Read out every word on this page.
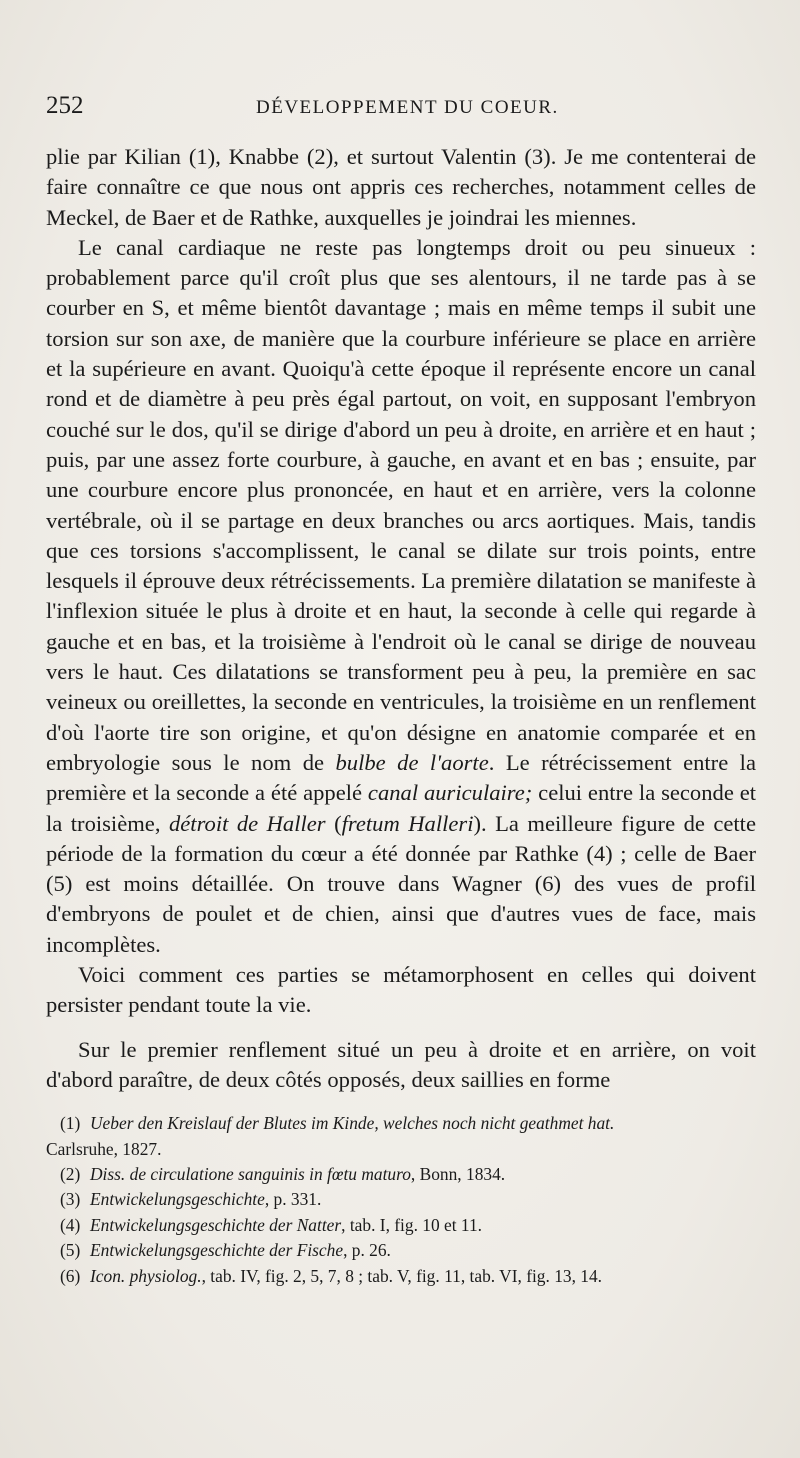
252	DÉVELOPPEMENT DU COEUR.

plie par Kilian (1), Knabbe (2), et surtout Valentin (3). Je me contenterai de faire connaître ce que nous ont appris ces recherches, notamment celles de Meckel, de Baer et de Rathke, auxquelles je joindrai les miennes.

Le canal cardiaque ne reste pas longtemps droit ou peu sinueux : probablement parce qu'il croît plus que ses alentours, il ne tarde pas à se courber en S, et même bientôt davantage ; mais en même temps il subit une torsion sur son axe, de manière que la courbure inférieure se place en arrière et la supérieure en avant. Quoiqu'à cette époque il représente encore un canal rond et de diamètre à peu près égal partout, on voit, en supposant l'embryon couché sur le dos, qu'il se dirige d'abord un peu à droite, en arrière et en haut ; puis, par une assez forte courbure, à gauche, en avant et en bas ; ensuite, par une courbure encore plus prononcée, en haut et en arrière, vers la colonne vertébrale, où il se partage en deux branches ou arcs aortiques. Mais, tandis que ces torsions s'accomplissent, le canal se dilate sur trois points, entre lesquels il éprouve deux rétrécissements. La première dilatation se manifeste à l'inflexion située le plus à droite et en haut, la seconde à celle qui regarde à gauche et en bas, et la troisième à l'endroit où le canal se dirige de nouveau vers le haut. Ces dilatations se transforment peu à peu, la première en sac veineux ou oreillettes, la seconde en ventricules, la troisième en un renflement d'où l'aorte tire son origine, et qu'on désigne en anatomie comparée et en embryologie sous le nom de bulbe de l'aorte. Le rétrécissement entre la première et la seconde a été appelé canal auriculaire; celui entre la seconde et la troisième, détroit de Haller (fretum Halleri). La meilleure figure de cette période de la formation du cœur a été donnée par Rathke (4) ; celle de Baer (5) est moins détaillée. On trouve dans Wagner (6) des vues de profil d'embryons de poulet et de chien, ainsi que d'autres vues de face, mais incomplètes.

Voici comment ces parties se métamorphosent en celles qui doivent persister pendant toute la vie.

Sur le premier renflement situé un peu à droite et en arrière, on voit d'abord paraître, de deux côtés opposés, deux saillies en forme

(1) Ueber den Kreislauf der Blutes im Kinde, welches noch nicht geathmet hat.
Carlsruhe, 1827.
(2) Diss. de circulatione sanguinis in fœtu maturo, Bonn, 1834.
(3) Entwickelungsgeschichte, p. 331.
(4) Entwickelungsgeschichte der Natter, tab. I, fig. 10 et 11.
(5) Entwickelungsgeschichte der Fische, p. 26.
(6) Icon. physiolog., tab. IV, fig. 2, 5, 7, 8 ; tab. V, fig. 11, tab. VI, fig. 13, 14.
